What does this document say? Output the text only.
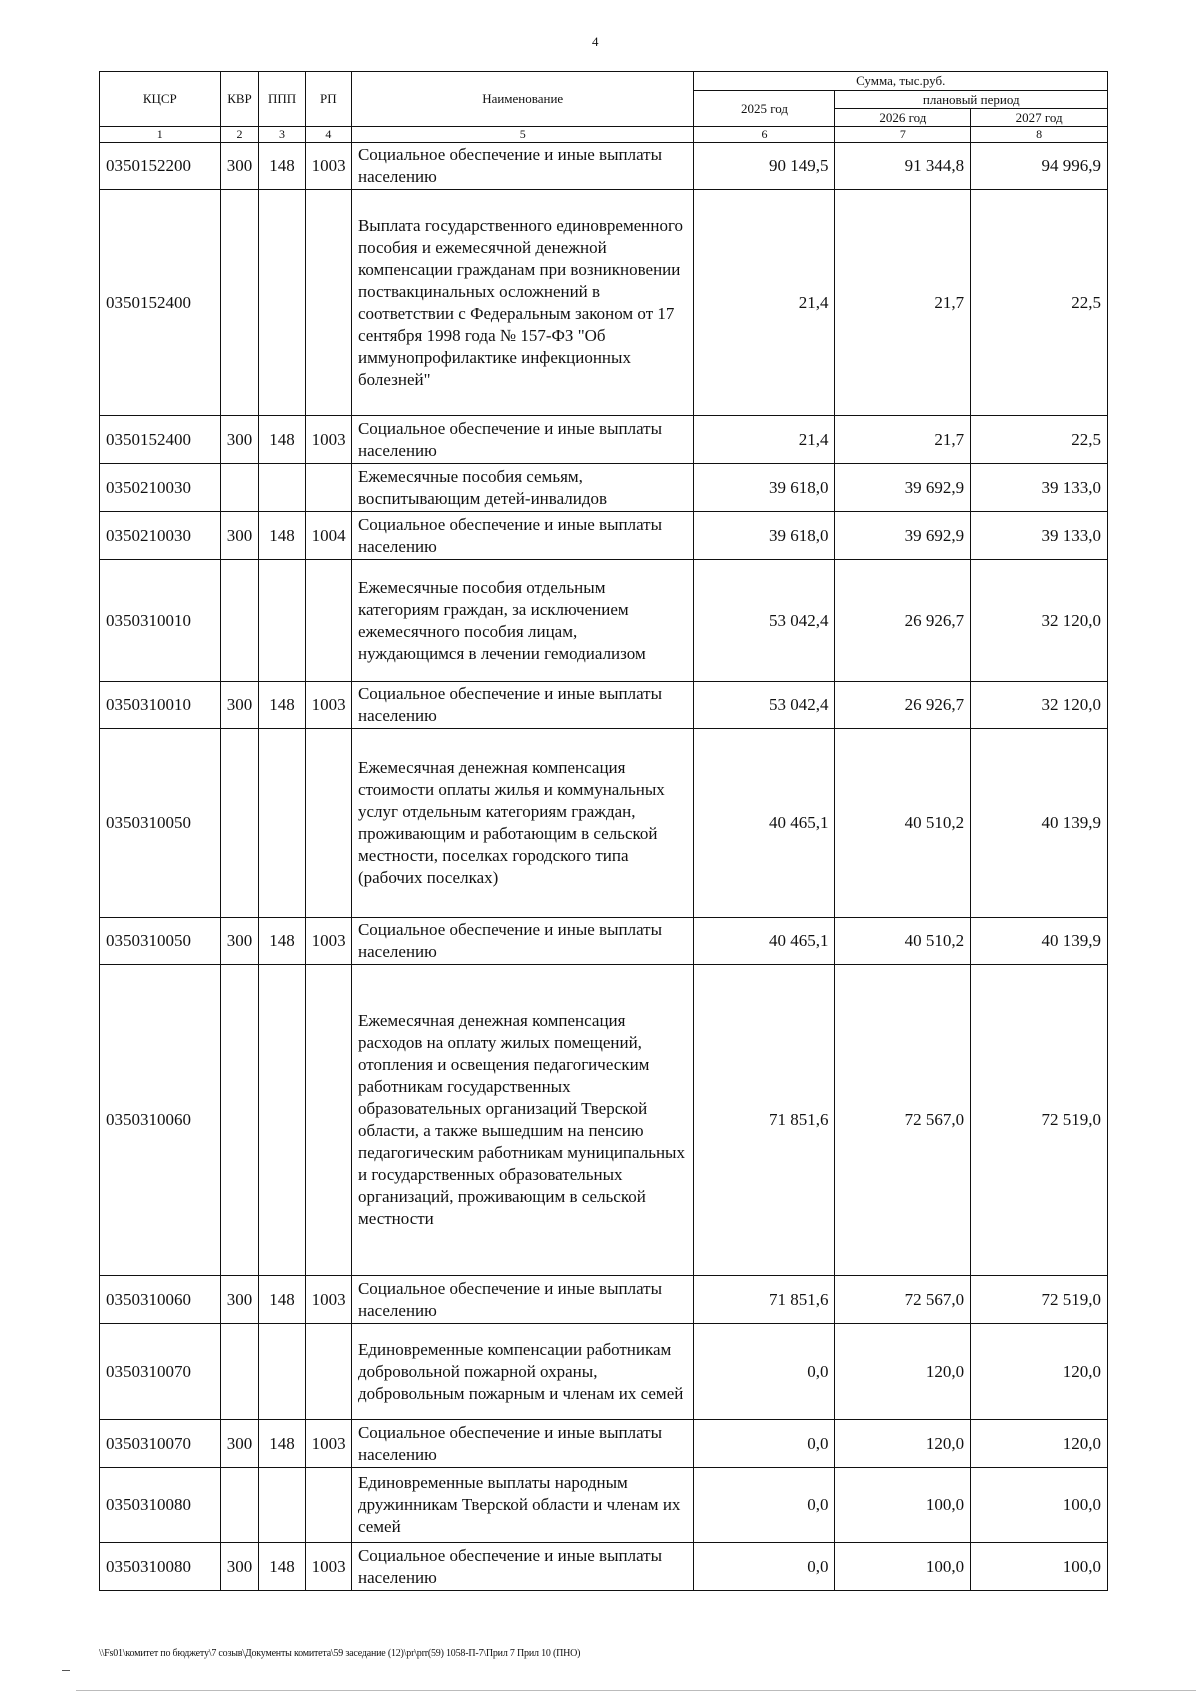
4
КЦСР	КВР	ППП	РП	Наименование	Сумма, тыс.руб.		
					2025 год	плановый период	
						2026 год	2027 год
1	2	3	4	5	6	7	8
0350152200	300	148	1003	Социальное обеспечение и иные выплаты населению	90 149,5	91 344,8	94 996,9
0350152400				Выплата государственного единовременного пособия и ежемесячной денежной компенсации гражданам при возникновении поствакцинальных осложнений в соответствии с Федеральным законом от 17 сентября 1998 года № 157-ФЗ "Об иммунопрофилактике инфекционных болезней"	21,4	21,7	22,5
0350152400	300	148	1003	Социальное обеспечение и иные выплаты населению	21,4	21,7	22,5
0350210030				Ежемесячные пособия семьям, воспитывающим детей-инвалидов	39 618,0	39 692,9	39 133,0
0350210030	300	148	1004	Социальное обеспечение и иные выплаты населению	39 618,0	39 692,9	39 133,0
0350310010				Ежемесячные пособия отдельным категориям граждан, за исключением ежемесячного пособия лицам, нуждающимся в лечении гемодиализом	53 042,4	26 926,7	32 120,0
0350310010	300	148	1003	Социальное обеспечение и иные выплаты населению	53 042,4	26 926,7	32 120,0
0350310050				Ежемесячная денежная компенсация стоимости оплаты жилья и коммунальных услуг отдельным категориям граждан, проживающим и работающим в сельской местности, поселках городского типа (рабочих поселках)	40 465,1	40 510,2	40 139,9
0350310050	300	148	1003	Социальное обеспечение и иные выплаты населению	40 465,1	40 510,2	40 139,9
0350310060				Ежемесячная денежная компенсация расходов на оплату жилых помещений, отопления и освещения педагогическим работникам государственных образовательных организаций Тверской области, а также вышедшим на пенсию педагогическим работникам муниципальных и государственных образовательных организаций, проживающим в сельской местности	71 851,6	72 567,0	72 519,0
0350310060	300	148	1003	Социальное обеспечение и иные выплаты населению	71 851,6	72 567,0	72 519,0
0350310070				Единовременные компенсации работникам добровольной пожарной охраны, добровольным пожарным и членам их семей	0,0	120,0	120,0
0350310070	300	148	1003	Социальное обеспечение и иные выплаты населению	0,0	120,0	120,0
0350310080				Единовременные выплаты народным дружинникам Тверской области и членам их семей	0,0	100,0	100,0
0350310080	300	148	1003	Социальное обеспечение и иные выплаты населению	0,0	100,0	100,0
\\Fs01\комитет по бюджету\7 созыв\Документы комитета\59 заседание (12)\pr\prr(59) 1058-П-7\Прил 7 Прил 10 (ПНО)
